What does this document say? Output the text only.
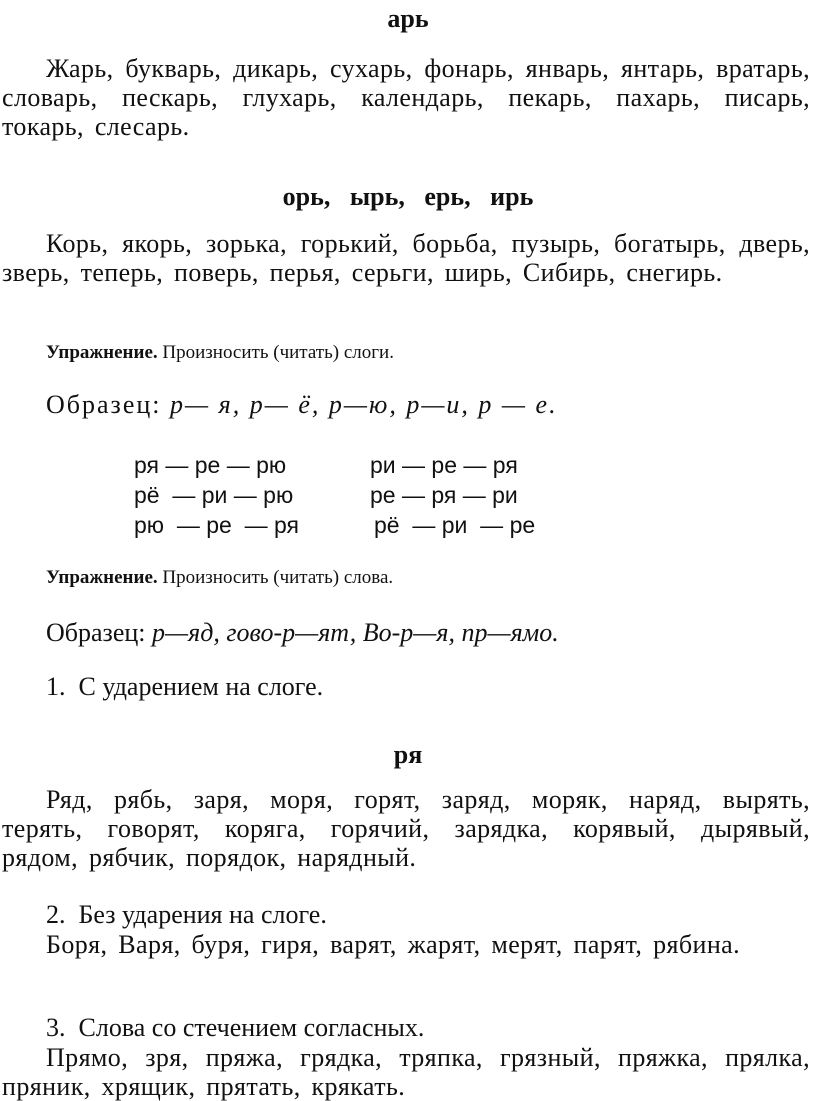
арь
Жарь, букварь, дикарь, сухарь, фонарь, январь, янтарь, вратарь, словарь, пескарь, глухарь, календарь, пекарь, пахарь, писарь, токарь, слесарь.
орь,   ырь,   ерь,   ирь
Корь, якорь, зорька, горький, борьба, пузырь, богатырь, дверь, зверь, теперь, поверь, перья, серьги, ширь, Сибирь, снегирь.
Упражнение. Произносить (читать) слоги.
Образец: р— я, р— ё, р—ю, р—и, р — е.
ря — ре — рю	ри — ре — ря
рё  — ри — рю	ре — ря — ри
рю  — ре  — ря	рё  — ри  — ре
Упражнение. Произносить (читать) слова.
Образец: р—яд, гово-р—ят, Во-р—я, пр—ямо.
1.  С ударением на слоге.
ря
Ряд, рябь, заря, моря, горят, заряд, моряк, наряд, вырять, терять, говорят, коряга, горячий, зарядка, корявый, дырявый, рядом, рябчик, порядок, нарядный.
2.  Без ударения на слоге.
Боря, Варя, буря, гиря, варят, жарят, мерят, парят, рябина.
3.  Слова со стечением согласных.
Прямо, зря, пряжа, грядка, тряпка, грязный, пряжка, прялка, пряник, хрящик, прятать, крякать.
